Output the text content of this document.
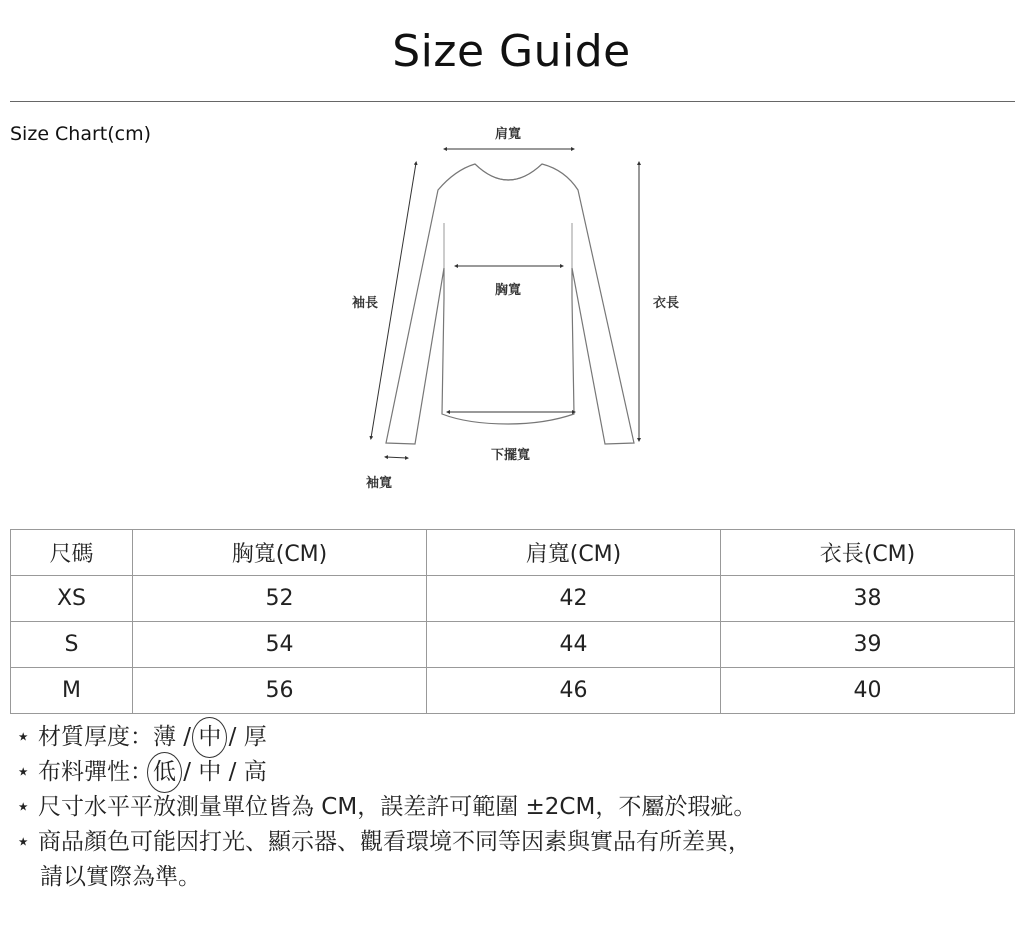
Size Guide
Size Chart(cm)	肩寬
胸寬
袖長	衣長
下擺寬
袖寬
尺碼	胸寬(CM)	肩寬(CM)	衣長(CM)
XS	52	42	38
S	54	44	39
M	56	46	40
⋆ 材質厚度：薄 / 中 / 厚
⋆ 布料彈性：低 / 中 / 高
⋆ 尺寸水平平放測量單位皆為 CM，誤差許可範圍 ±2CM，不屬於瑕疵。
⋆ 商品顏色可能因打光、顯示器、觀看環境不同等因素與實品有所差異，
請以實際為準。
